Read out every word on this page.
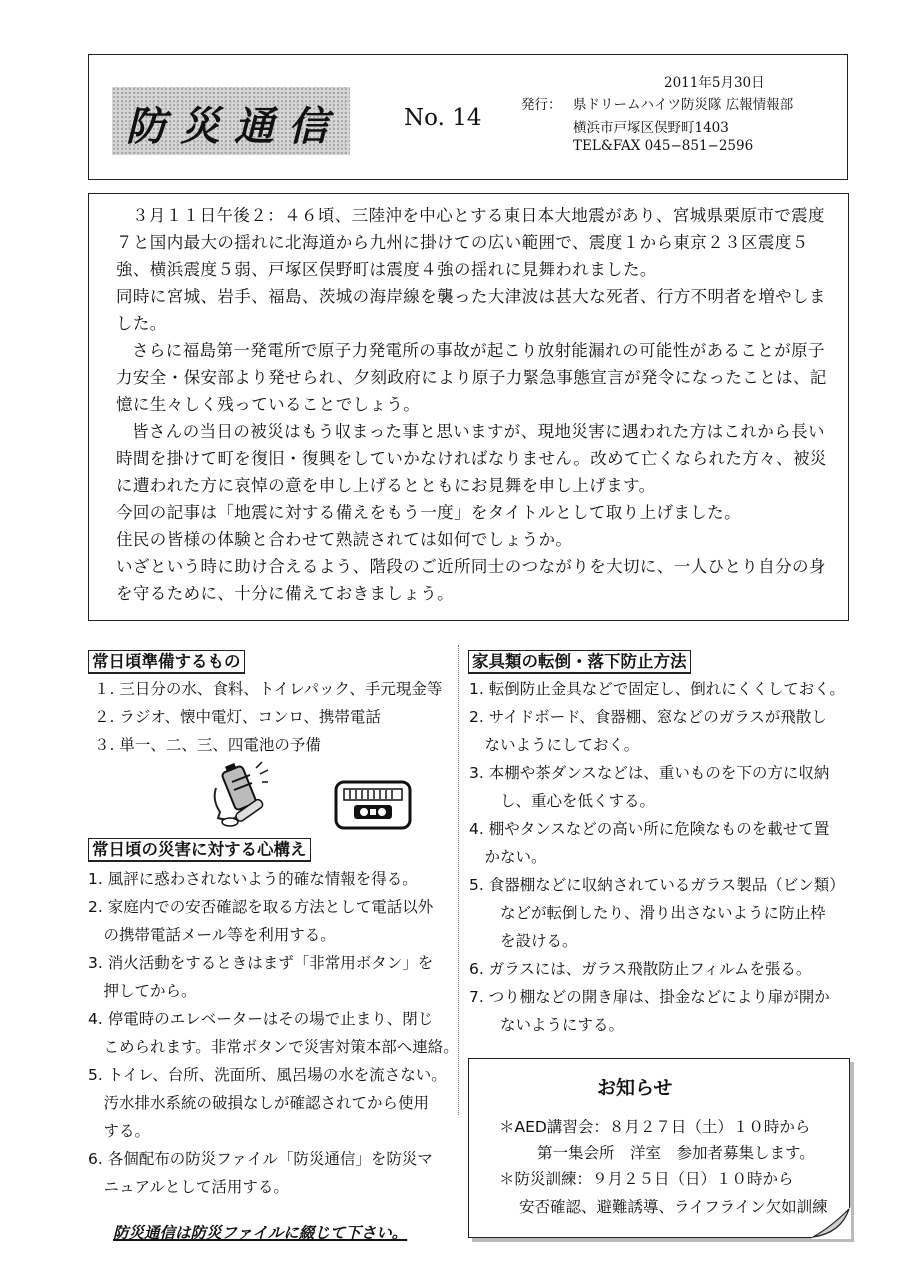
防災通信	No. 14
2011年5月30日
発行： 県ドリームハイツ防災隊 広報情報部
横浜市戸塚区俣野町1403
TEL&FAX 045−851−2596

３月１１日午後２：４６頃、三陸沖を中心とする東日本大地震があり、宮城県栗原市で震度

７と国内最大の揺れに北海道から九州に掛けての広い範囲で、震度１から東京２３区震度５

強、横浜震度５弱、戸塚区俣野町は震度４強の揺れに見舞われました。

同時に宮城、岩手、福島、茨城の海岸線を襲った大津波は甚大な死者、行方不明者を増やしま

した。

さらに福島第一発電所で原子力発電所の事故が起こり放射能漏れの可能性があることが原子

力安全・保安部より発せられ、夕刻政府により原子力緊急事態宣言が発令になったことは、記

憶に生々しく残っていることでしょう。

皆さんの当日の被災はもう収まった事と思いますが、現地災害に遇われた方はこれから長い

時間を掛けて町を復旧・復興をしていかなければなりません。改めて亡くなられた方々、被災

に遭われた方に哀悼の意を申し上げるとともにお見舞を申し上げます。

今回の記事は「地震に対する備えをもう一度」をタイトルとして取り上げました。

住民の皆様の体験と合わせて熟読されては如何でしょうか。

いざという時に助け合えるよう、階段のご近所同士のつながりを大切に、一人ひとり自分の身

を守るために、十分に備えておきましょう。

常日頃準備するもの
１. 三日分の水、食料、トイレパック、手元現金等
２. ラジオ、懐中電灯、コンロ、携帯電話
３. 単一、二、三、四電池の予備
常日頃の災害に対する心構え
1. 風評に惑わされないよう的確な情報を得る。
2. 家庭内での安否確認を取る方法として電話以外
　の携帯電話メール等を利用する。
3. 消火活動をするときはまず「非常用ボタン」を
　押してから。
4. 停電時のエレベーターはその場で止まり、閉じ
　こめられます。非常ボタンで災害対策本部へ連絡。
5. トイレ、台所、洗面所、風呂場の水を流さない。
　汚水排水系統の破損なしが確認されてから使用
　する。
6. 各個配布の防災ファイル「防災通信」を防災マ
　ニュアルとして活用する。
家具類の転倒・落下防止方法
1. 転倒防止金具などで固定し、倒れにくくしておく。
2. サイドボード、食器棚、窓などのガラスが飛散し
　ないようにしておく。
3. 本棚や茶ダンスなどは、重いものを下の方に収納
　　し、重心を低くする。
4. 棚やタンスなどの高い所に危険なものを載せて置
　かない。
5. 食器棚などに収納されているガラス製品（ビン類）
　　などが転倒したり、滑り出さないように防止枠
　　を設ける。
6. ガラスには、ガラス飛散防止フィルムを張る。
7. つり棚などの開き扉は、掛金などにより扉が開か
　　ないようにする。
お知らせ
＊AED講習会：８月２７日（土）１０時から
第一集会所　洋室　参加者募集します。
＊防災訓練：９月２５日（日）１０時から
安否確認、避難誘導、ライフライン欠如訓練
防災通信は防災ファイルに綴じて下さい。
